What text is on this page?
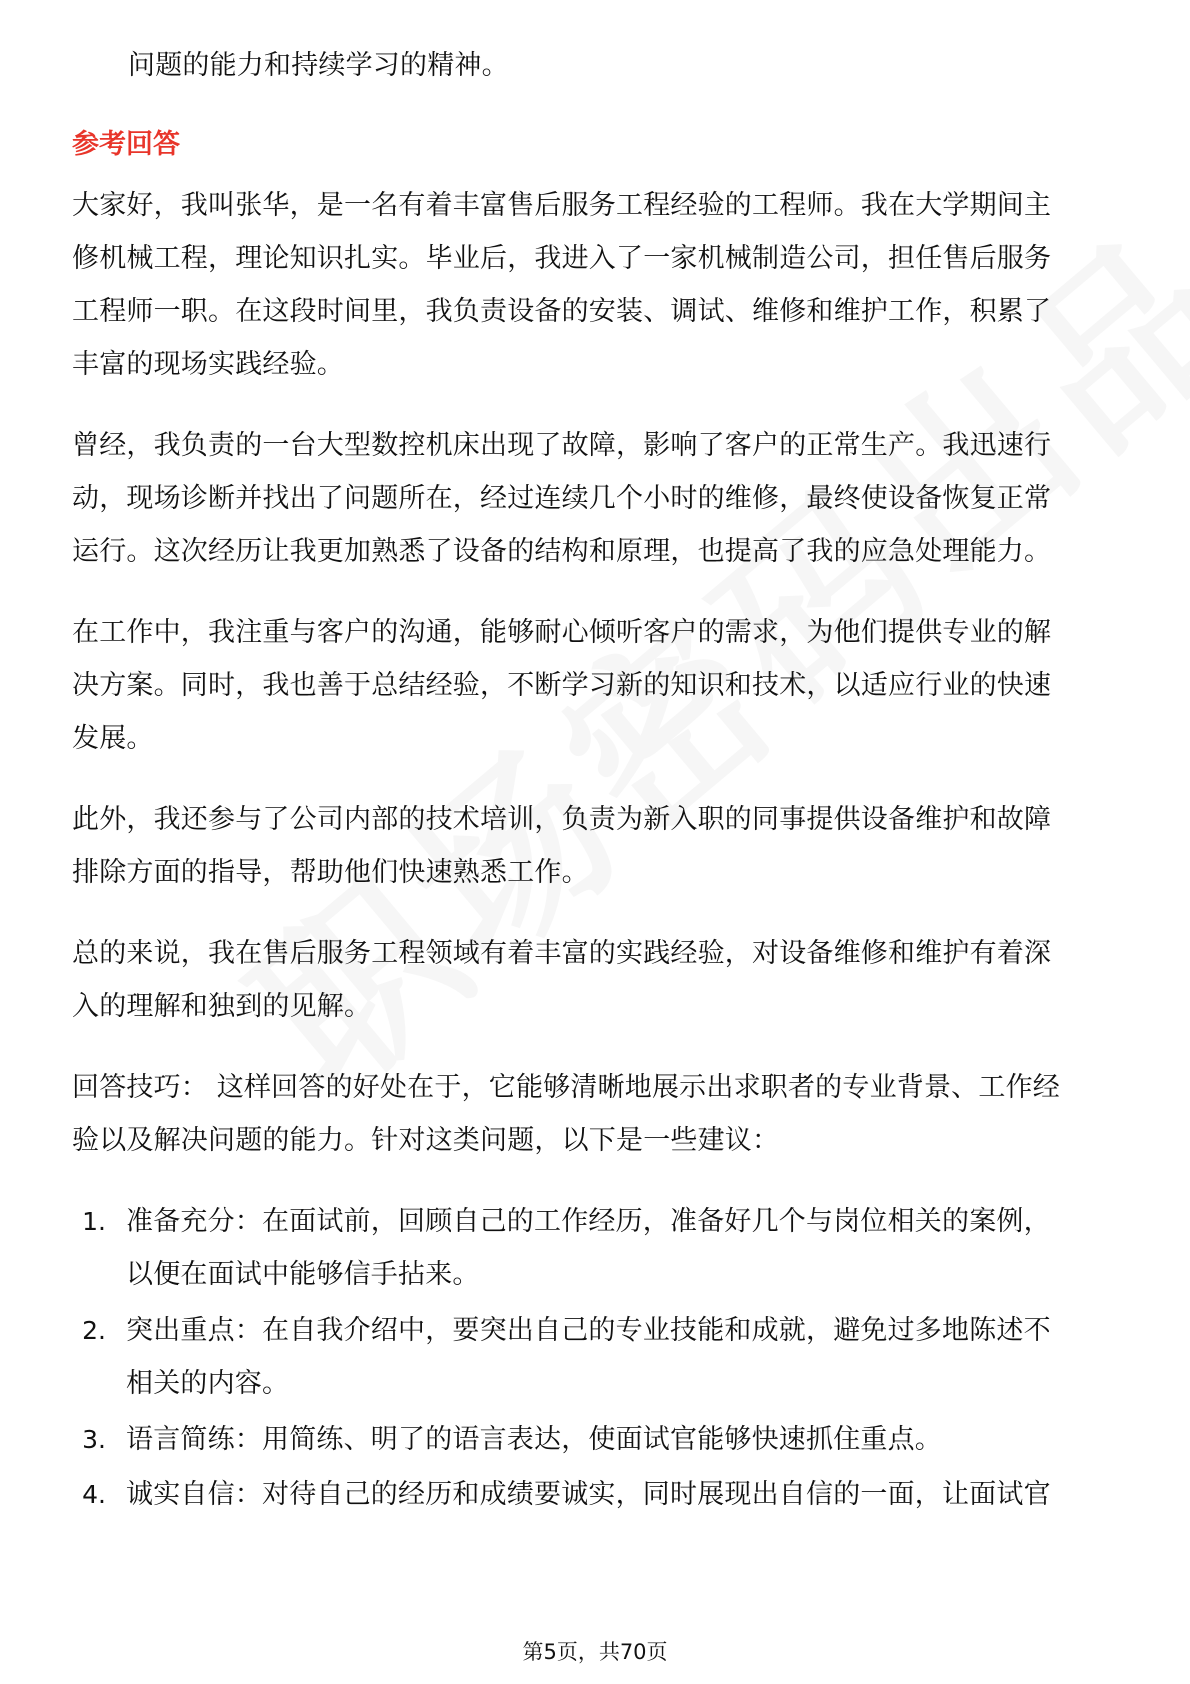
问题的能力和持续学习的精神。
参考回答
大家好，我叫张华，是一名有着丰富售后服务工程经验的工程师。我在大学期间主
修机械工程，理论知识扎实。毕业后，我进入了一家机械制造公司，担任售后服务
工程师一职。在这段时间里，我负责设备的安装、调试、维修和维护工作，积累了
丰富的现场实践经验。
曾经，我负责的一台大型数控机床出现了故障，影响了客户的正常生产。我迅速行
动，现场诊断并找出了问题所在，经过连续几个小时的维修，最终使设备恢复正常
运行。这次经历让我更加熟悉了设备的结构和原理，也提高了我的应急处理能力。
在工作中，我注重与客户的沟通，能够耐心倾听客户的需求，为他们提供专业的解
决方案。同时，我也善于总结经验，不断学习新的知识和技术，以适应行业的快速
发展。
此外，我还参与了公司内部的技术培训，负责为新入职的同事提供设备维护和故障
排除方面的指导，帮助他们快速熟悉工作。
总的来说，我在售后服务工程领域有着丰富的实践经验，对设备维修和维护有着深
入的理解和独到的见解。
回答技巧： 这样回答的好处在于，它能够清晰地展示出求职者的专业背景、工作经
验以及解决问题的能力。针对这类问题，以下是一些建议：
1. 准备充分：在面试前，回顾自己的工作经历，准备好几个与岗位相关的案例，
以便在面试中能够信手拈来。
2. 突出重点：在自我介绍中，要突出自己的专业技能和成就，避免过多地陈述不
相关的内容。
3. 语言简练：用简练、明了的语言表达，使面试官能够快速抓住重点。
4. 诚实自信：对待自己的经历和成绩要诚实，同时展现出自信的一面，让面试官
第5页，共70页
